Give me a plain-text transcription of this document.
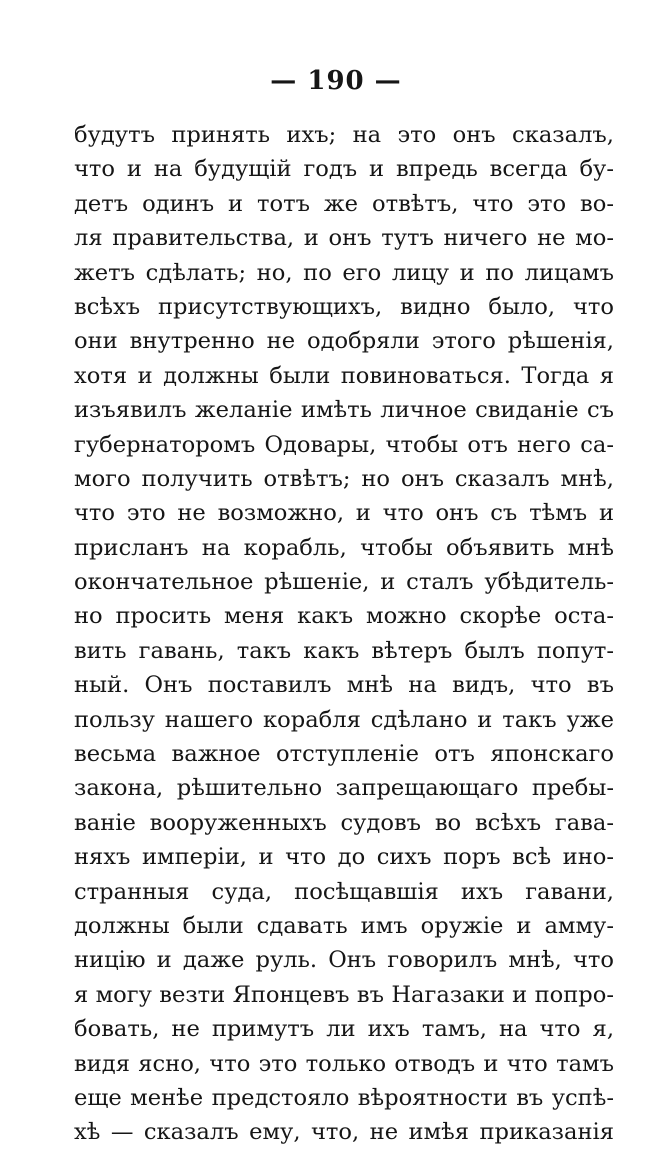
— 190 —
будутъ принять ихъ; на это онъ сказалъ,
что и на будущій годъ и впредь всегда бу-
детъ одинъ и тотъ же отвѣтъ, что это во-
ля правительства, и онъ тутъ ничего не мо-
жетъ сдѣлать; но, по его лицу и по лицамъ
всѣхъ присутствующихъ, видно было, что
они внутренно не одобряли этого рѣшенія,
хотя и должны были повиноваться. Тогда я
изъявилъ желаніе имѣть личное свиданіе съ
губернаторомъ Одовары, чтобы отъ него са-
мого получить отвѣтъ; но онъ сказалъ мнѣ,
что это не возможно, и что онъ съ тѣмъ и
присланъ на корабль, чтобы объявить мнѣ
окончательное рѣшеніе, и сталъ убѣдитель-
но просить меня какъ можно скорѣе оста-
вить гавань, такъ какъ вѣтеръ былъ попут-
ный. Онъ поставилъ мнѣ на видъ, что въ
пользу нашего корабля сдѣлано и такъ уже
весьма важное отступленіе отъ японскаго
закона, рѣшительно запрещающаго пребы-
ваніе вооруженныхъ судовъ во всѣхъ гава-
няхъ имперіи, и что до сихъ поръ всѣ ино-
странныя суда, посѣщавшія ихъ гавани,
должны были сдавать имъ оружіе и амму-
ницію и даже руль. Онъ говорилъ мнѣ, что
я могу везти Японцевъ въ Нагазаки и попро-
бовать, не примутъ ли ихъ тамъ, на что я,
видя ясно, что это только отводъ и что тамъ
еще менѣе предстояло вѣроятности въ успѣ-
хѣ — сказалъ ему, что, не имѣя приказанія
